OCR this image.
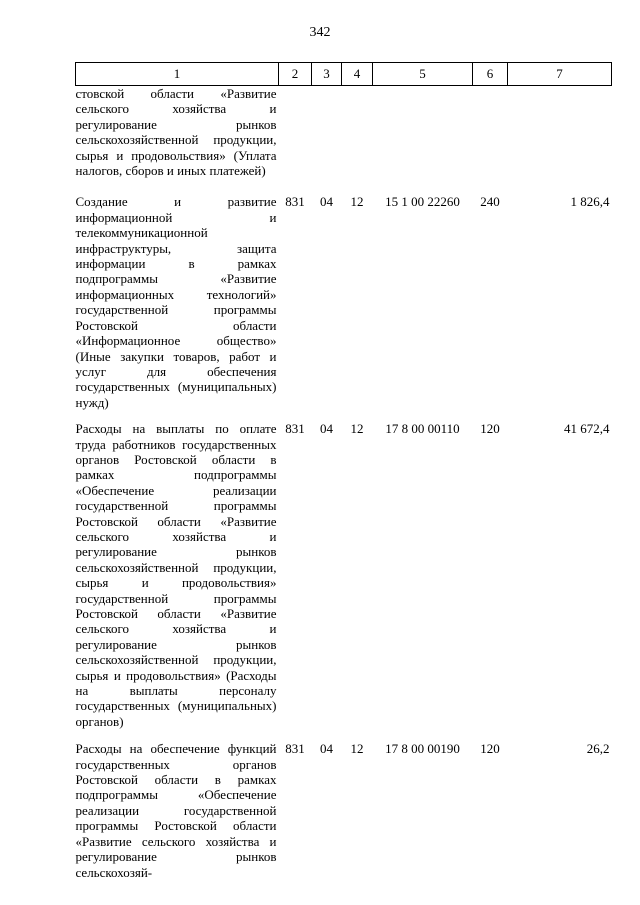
342
1	2	3	4	5	6	7
стовской области «Развитие сельского хозяйства и регулирование рынков сельскохозяйственной продукции, сырья и продовольствия» (Уплата налогов, сборов и иных платежей)						
Создание и развитие информационной и телекоммуникационной инфраструктуры, защита информации в рамках подпрограммы «Развитие информационных технологий» государственной программы Ростовской области «Информационное общество» (Иные закупки товаров, работ и услуг для обеспечения государственных (муниципальных) нужд)	831	04	12	15 1 00 22260	240	1 826,4
Расходы на выплаты по оплате труда работников государственных органов Ростовской области в рамках подпрограммы «Обеспечение реализации государственной программы Ростовской области «Развитие сельского хозяйства и регулирование рынков сельскохозяйственной продукции, сырья и продовольствия» государственной программы Ростовской области «Развитие сельского хозяйства и регулирование рынков сельскохозяйственной продукции, сырья и продовольствия» (Расходы на выплаты персоналу государственных (муниципальных) органов)	831	04	12	17 8 00 00110	120	41 672,4
Расходы на обеспечение функций государственных органов Ростовской области в рамках подпрограммы «Обеспечение реализации государственной программы Ростовской области «Развитие сельского хозяйства и регулирование рынков сельскохозяй-	831	04	12	17 8 00 00190	120	26,2
